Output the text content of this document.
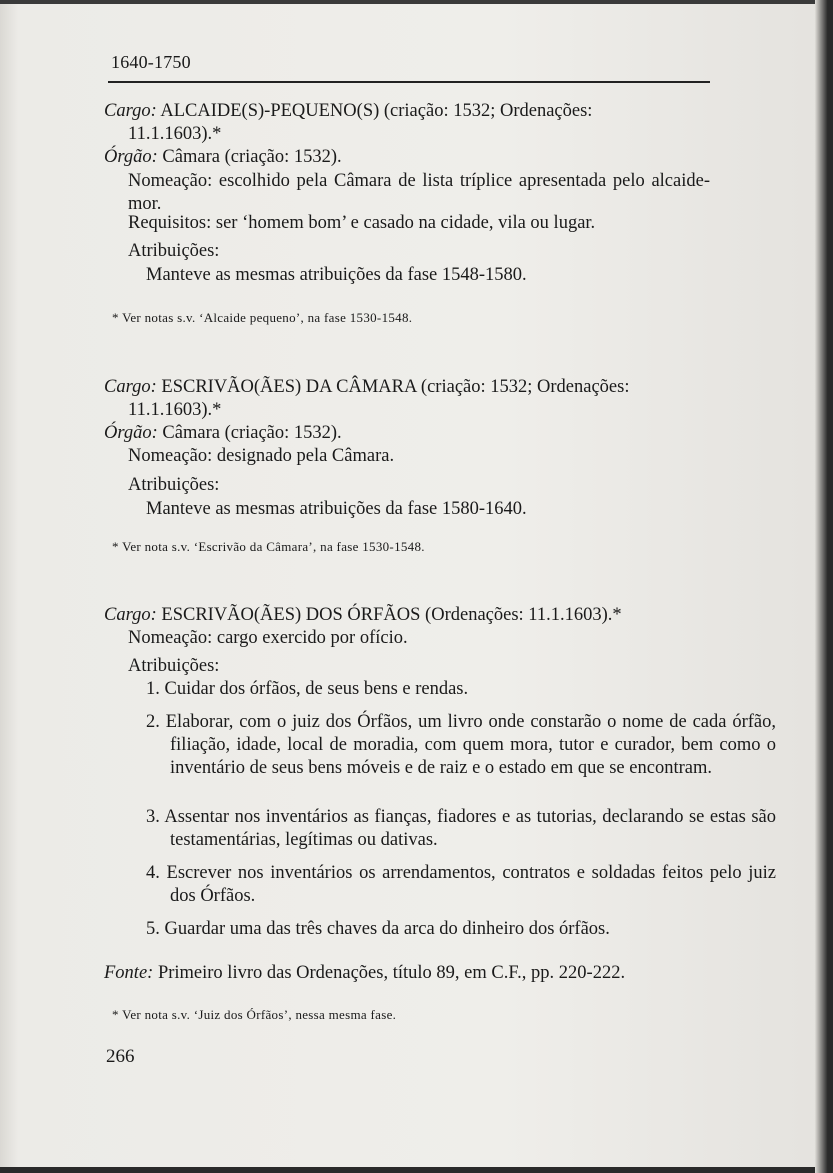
1640-1750
Cargo: ALCAIDE(S)-PEQUENO(S) (criação: 1532; Ordenações:
11.1.1603).*
Órgão: Câmara (criação: 1532).
Nomeação: escolhido pela Câmara de lista tríplice apresentada pelo alcaide-mor.
Requisitos: ser ‘homem bom’ e casado na cidade, vila ou lugar.
Atribuições:
Manteve as mesmas atribuições da fase 1548-1580.
* Ver notas s.v. ‘Alcaide pequeno’, na fase 1530-1548.
Cargo: ESCRIVÃO(ÃES) DA CÂMARA (criação: 1532; Ordenações:
11.1.1603).*
Órgão: Câmara (criação: 1532).
Nomeação: designado pela Câmara.
Atribuições:
Manteve as mesmas atribuições da fase 1580-1640.
* Ver nota s.v. ‘Escrivão da Câmara’, na fase 1530-1548.
Cargo: ESCRIVÃO(ÃES) DOS ÓRFÃOS (Ordenações: 11.1.1603).*
Nomeação: cargo exercido por ofício.
Atribuições:
1. Cuidar dos órfãos, de seus bens e rendas.
2. Elaborar, com o juiz dos Órfãos, um livro onde constarão o nome de cada órfão, filiação, idade, local de moradia, com quem mora, tutor e curador, bem como o inventário de seus bens móveis e de raiz e o estado em que se encontram.
3. Assentar nos inventários as fianças, fiadores e as tutorias, declarando se estas são testamentárias, legítimas ou dativas.
4. Escrever nos inventários os arrendamentos, contratos e soldadas feitos pelo juiz dos Órfãos.
5. Guardar uma das três chaves da arca do dinheiro dos órfãos.
Fonte: Primeiro livro das Ordenações, título 89, em C.F., pp. 220-222.
* Ver nota s.v. ‘Juiz dos Órfãos’, nessa mesma fase.
266
